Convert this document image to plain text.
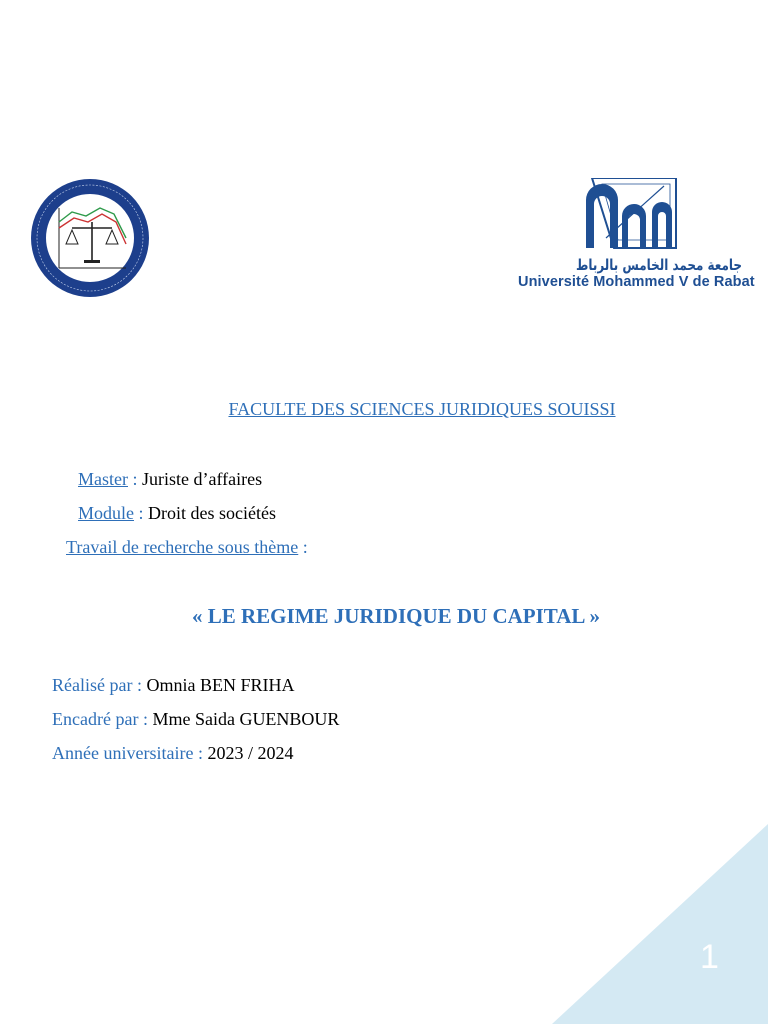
جامعة محمد الخامس بالرباط
Université Mohammed V de Rabat
FACULTE DES SCIENCES JURIDIQUES SOUISSI
Master : Juriste d’affaires
Module : Droit des sociétés
Travail de recherche sous thème :
« LE REGIME JURIDIQUE DU CAPITAL »
Réalisé par : Omnia BEN FRIHA
Encadré par : Mme Saida GUENBOUR
Année universitaire : 2023 / 2024
1
